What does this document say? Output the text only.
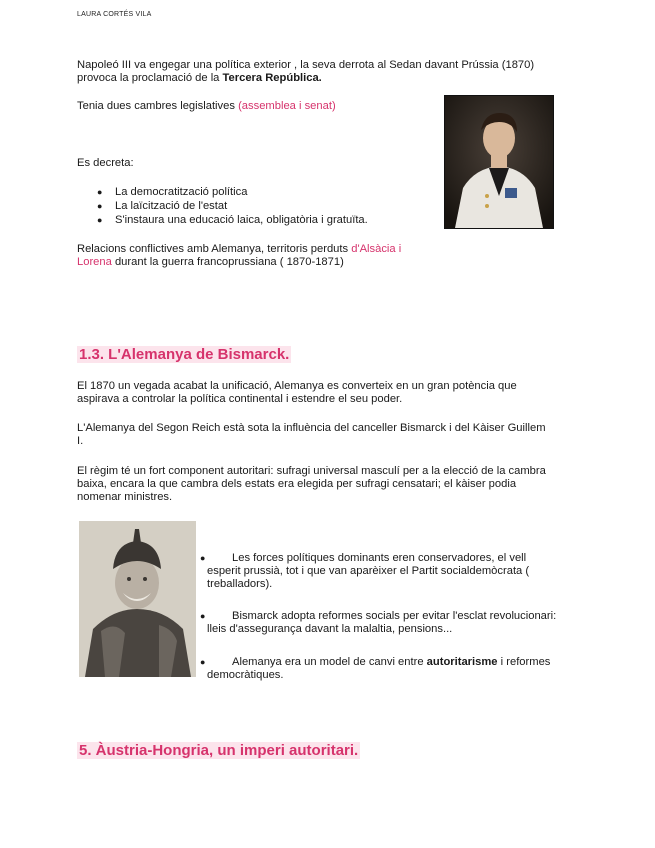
LAURA CORTÉS VILA
Napoleó III va engegar una política exterior , la seva derrota al Sedan davant Prússia (1870)
provoca la proclamació de la Tercera República.
Tenia dues cambres legislatives (assemblea i senat)
Es decreta:
● La democratització política
● La laïcització de l'estat
● S'instaura una educació laica, obligatòria i gratuïta.
Relacions conflictives amb Alemanya, territoris perduts d'Alsàcia i
Lorena durant la guerra francoprussiana ( 1870-1871)
1.3. L'Alemanya de Bismarck.
El 1870 un vegada acabat la unificació, Alemanya es converteix en un gran potència que
aspirava a controlar la política continental i estendre el seu poder.
L'Alemanya del Segon Reich està sota la influència del canceller Bismarck i del Kàiser Guillem
I.
El règim té un fort component autoritari: sufragi universal masculí per a la elecció de la cambra
baixa, encara la que cambra dels estats era elegida per sufragi censatari; el kàiser podia
nomenar ministres.
●	Les forces polítiques dominants eren conservadores, el vell
esperit prussià, tot i que van aparèixer el Partit socialdemòcrata (
treballadors).
●	Bismarck adopta reformes socials per evitar l'esclat revolucionari:
lleis d'assegurança davant la malaltia, pensions...
●	Alemanya era un model de canvi entre autoritarisme i reformes
democràtiques.
5. Àustria-Hongria, un imperi autoritari.
